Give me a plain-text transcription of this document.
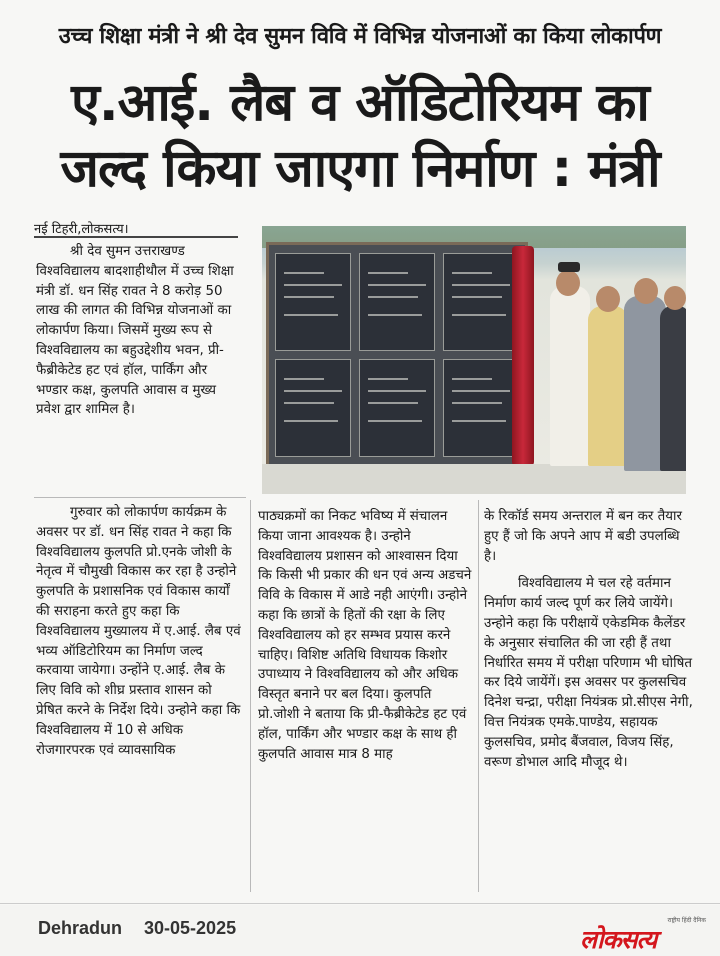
उच्च शिक्षा मंत्री ने श्री देव सुमन विवि में विभिन्न योजनाओं का किया लोकार्पण
ए.आई. लैब व ऑडिटोरियम का
जल्द किया जाएगा निर्माण : मंत्री
नई टिहरी,लोकसत्य।

श्री देव सुमन उत्तराखण्ड विश्वविद्यालय बादशाहीथौल में उच्च शिक्षा मंत्री डॉ. धन सिंह रावत ने 8 करोड़ 50 लाख की लागत की विभिन्न योजनाओं का लोकार्पण किया। जिसमें मुख्य रूप से विश्वविद्यालय का बहुउद्देशीय भवन, प्री-फैब्रीकेटेड हट एवं हॉल, पार्किंग और भण्डार कक्ष, कुलपति आवास व मुख्य प्रवेश द्वार शामिल है।

गुरुवार को लोकार्पण कार्यक्रम के अवसर पर डॉ. धन सिंह रावत ने कहा कि विश्वविद्यालय कुलपति प्रो.एनके जोशी के नेतृत्व में चौमुखी विकास कर रहा है उन्होने कुलपति के प्रशासनिक एवं विकास कार्यों की सराहना करते हुए कहा कि विश्वविद्यालय मुख्यालय में ए.आई. लैब एवं भव्य ऑडिटोरियम का निर्माण जल्द करवाया जायेगा। उन्होंने ए.आई. लैब के लिए विवि को शीघ्र प्रस्ताव शासन को प्रेषित करने के निर्देश दिये। उन्होने कहा कि विश्वविद्यालय में 10 से अधिक रोजगारपरक एवं व्यावसायिक

पाठ्यक्रमों का निकट भविष्य में संचालन किया जाना आवश्यक है। उन्होने विश्वविद्यालय प्रशासन को आश्वासन दिया कि किसी भी प्रकार की धन एवं अन्य अडचने विवि के विकास में आडे नही आएंगी। उन्होने कहा कि छात्रों के हितों की रक्षा के लिए विश्वविद्यालय को हर सम्भव प्रयास करने चाहिए। विशिष्ट अतिथि विधायक किशोर उपाध्याय ने विश्वविद्यालय को और अधिक विस्तृत बनाने पर बल दिया। कुलपति प्रो.जोशी ने बताया कि प्री-फैब्रीकेटेड हट एवं हॉल, पार्किंग और भण्डार कक्ष के साथ ही कुलपति आवास मात्र 8 माह

के रिकॉर्ड समय अन्तराल में बन कर तैयार हुए हैं जो कि अपने आप में बडी उपलब्धि है।

विश्वविद्यालय मे चल रहे वर्तमान निर्माण कार्य जल्द पूर्ण कर लिये जायेंगे। उन्होने कहा कि परीक्षायें एकेडमिक कैलेंडर के अनुसार संचालित की जा रही हैं तथा निर्धारित समय में परीक्षा परिणाम भी घोषित कर दिये जायेंगें। इस अवसर पर कुलसचिव दिनेश चन्द्रा, परीक्षा नियंत्रक प्रो.सीएस नेगी, वित्त नियंत्रक एमके.पाण्डेय, सहायक कुलसचिव, प्रमोद बैंजवाल, विजय सिंह, वरूण डोभाल आदि मौजूद थे।

Dehradun 30-05-2025	राष्ट्रीय हिंदी दैनिक
लोकसत्य
